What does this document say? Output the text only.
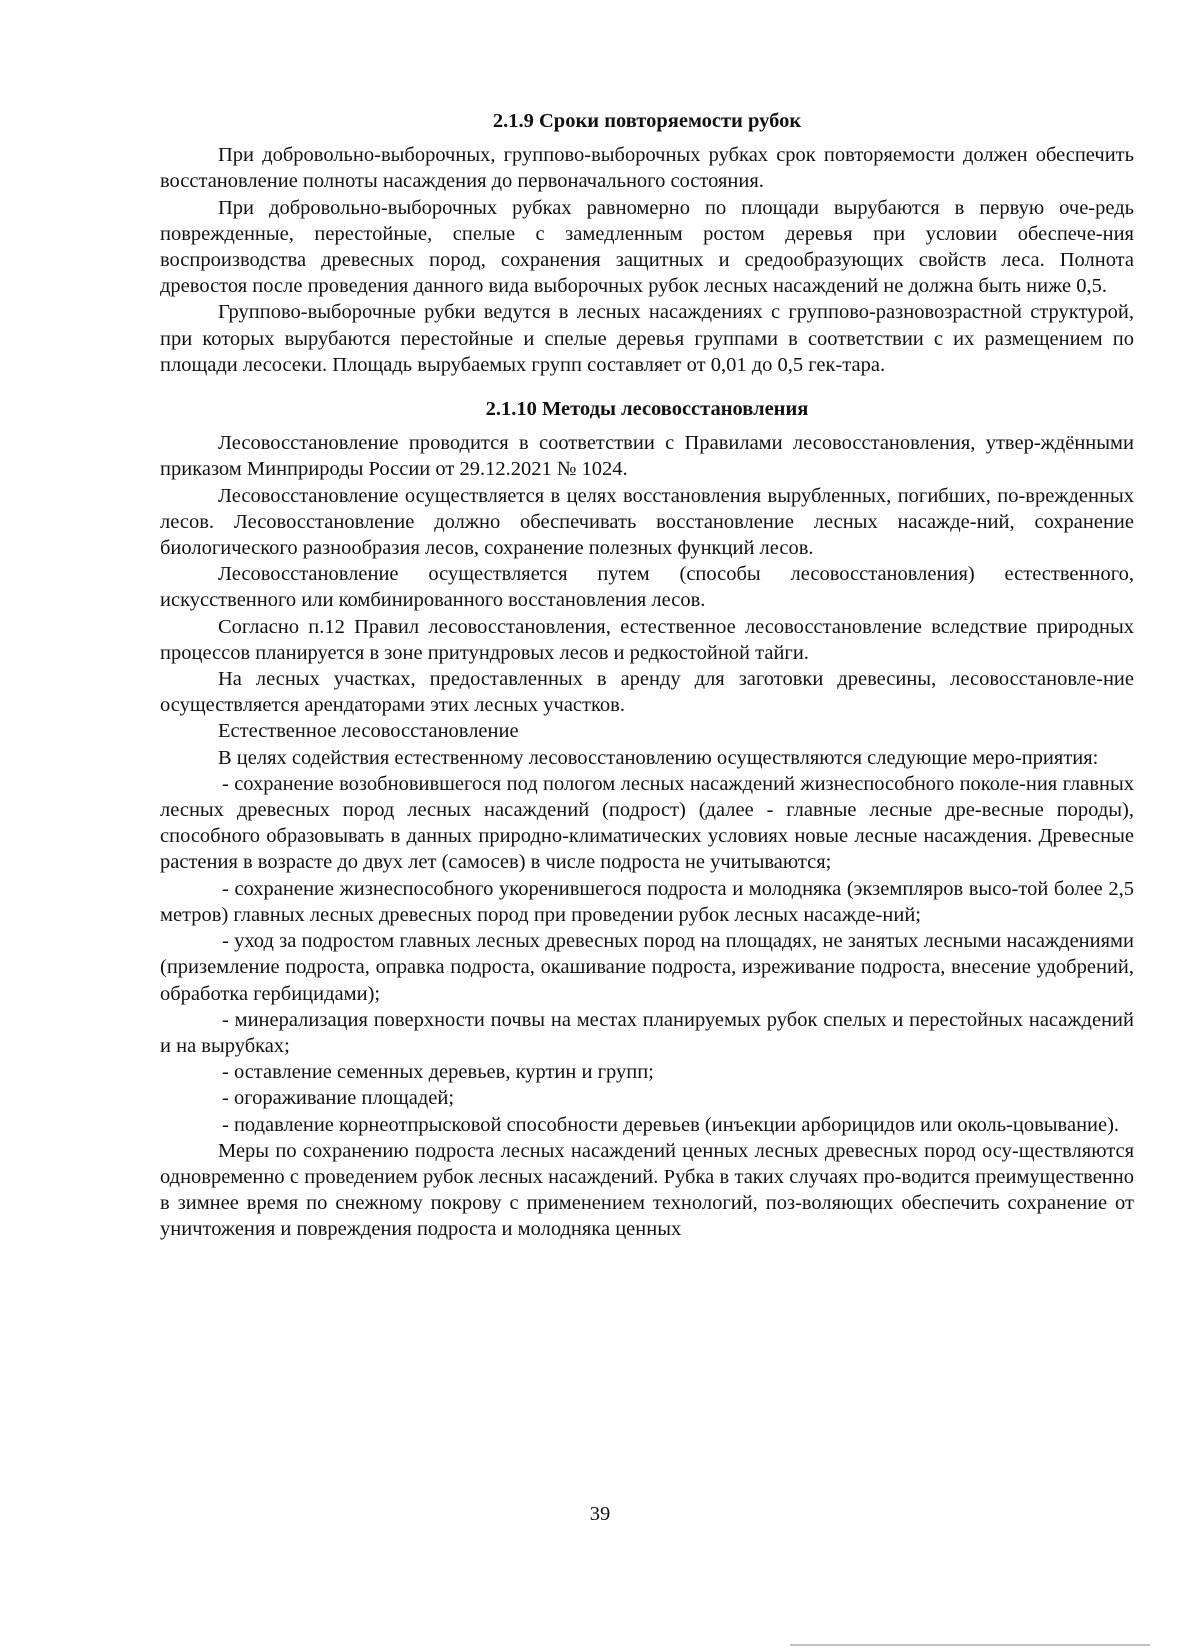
2.1.9 Сроки повторяемости рубок

При добровольно-выборочных, группово-выборочных рубках срок повторяемости должен обеспечить восстановление полноты насаждения до первоначального состояния.

При добровольно-выборочных рубках равномерно по площади вырубаются в первую оче-редь поврежденные, перестойные, спелые с замедленным ростом деревья при условии обеспече-ния воспроизводства древесных пород, сохранения защитных и средообразующих свойств леса. Полнота древостоя после проведения данного вида выборочных рубок лесных насаждений не должна быть ниже 0,5.

Группово-выборочные рубки ведутся в лесных насаждениях с группово-разновозрастной структурой, при которых вырубаются перестойные и спелые деревья группами в соответствии с их размещением по площади лесосеки. Площадь вырубаемых групп составляет от 0,01 до 0,5 гек-тара.

2.1.10 Методы лесовосстановления

Лесовосстановление проводится в соответствии с Правилами лесовосстановления, утвер-ждёнными приказом Минприроды России от 29.12.2021 № 1024.

Лесовосстановление осуществляется в целях восстановления вырубленных, погибших, по-врежденных лесов. Лесовосстановление должно обеспечивать восстановление лесных насажде-ний, сохранение биологического разнообразия лесов, сохранение полезных функций лесов.

Лесовосстановление осуществляется путем (способы лесовосстановления) естественного, искусственного или комбинированного восстановления лесов.

Согласно п.12 Правил лесовосстановления, естественное лесовосстановление вследствие природных процессов планируется в зоне притундровых лесов и редкостойной тайги.

На лесных участках, предоставленных в аренду для заготовки древесины, лесовосстановле-ние осуществляется арендаторами этих лесных участков.

Естественное лесовосстановление

В целях содействия естественному лесовосстановлению осуществляются следующие меро-приятия:

- сохранение возобновившегося под пологом лесных насаждений жизнеспособного поколе-ния главных лесных древесных пород лесных насаждений (подрост) (далее - главные лесные дре-весные породы), способного образовывать в данных природно-климатических условиях новые лесные насаждения. Древесные растения в возрасте до двух лет (самосев) в числе подроста не учитываются;

- сохранение жизнеспособного укоренившегося подроста и молодняка (экземпляров высо-той более 2,5 метров) главных лесных древесных пород при проведении рубок лесных насажде-ний;

- уход за подростом главных лесных древесных пород на площадях, не занятых лесными насаждениями (приземление подроста, оправка подроста, окашивание подроста, изреживание подроста, внесение удобрений, обработка гербицидами);

- минерализация поверхности почвы на местах планируемых рубок спелых и перестойных насаждений и на вырубках;

- оставление семенных деревьев, куртин и групп;

- огораживание площадей;

- подавление корнеотпрысковой способности деревьев (инъекции арборицидов или околь-цовывание).

Меры по сохранению подроста лесных насаждений ценных лесных древесных пород осу-ществляются одновременно с проведением рубок лесных насаждений. Рубка в таких случаях про-водится преимущественно в зимнее время по снежному покрову с применением технологий, поз-воляющих обеспечить сохранение от уничтожения и повреждения подроста и молодняка ценных

39
